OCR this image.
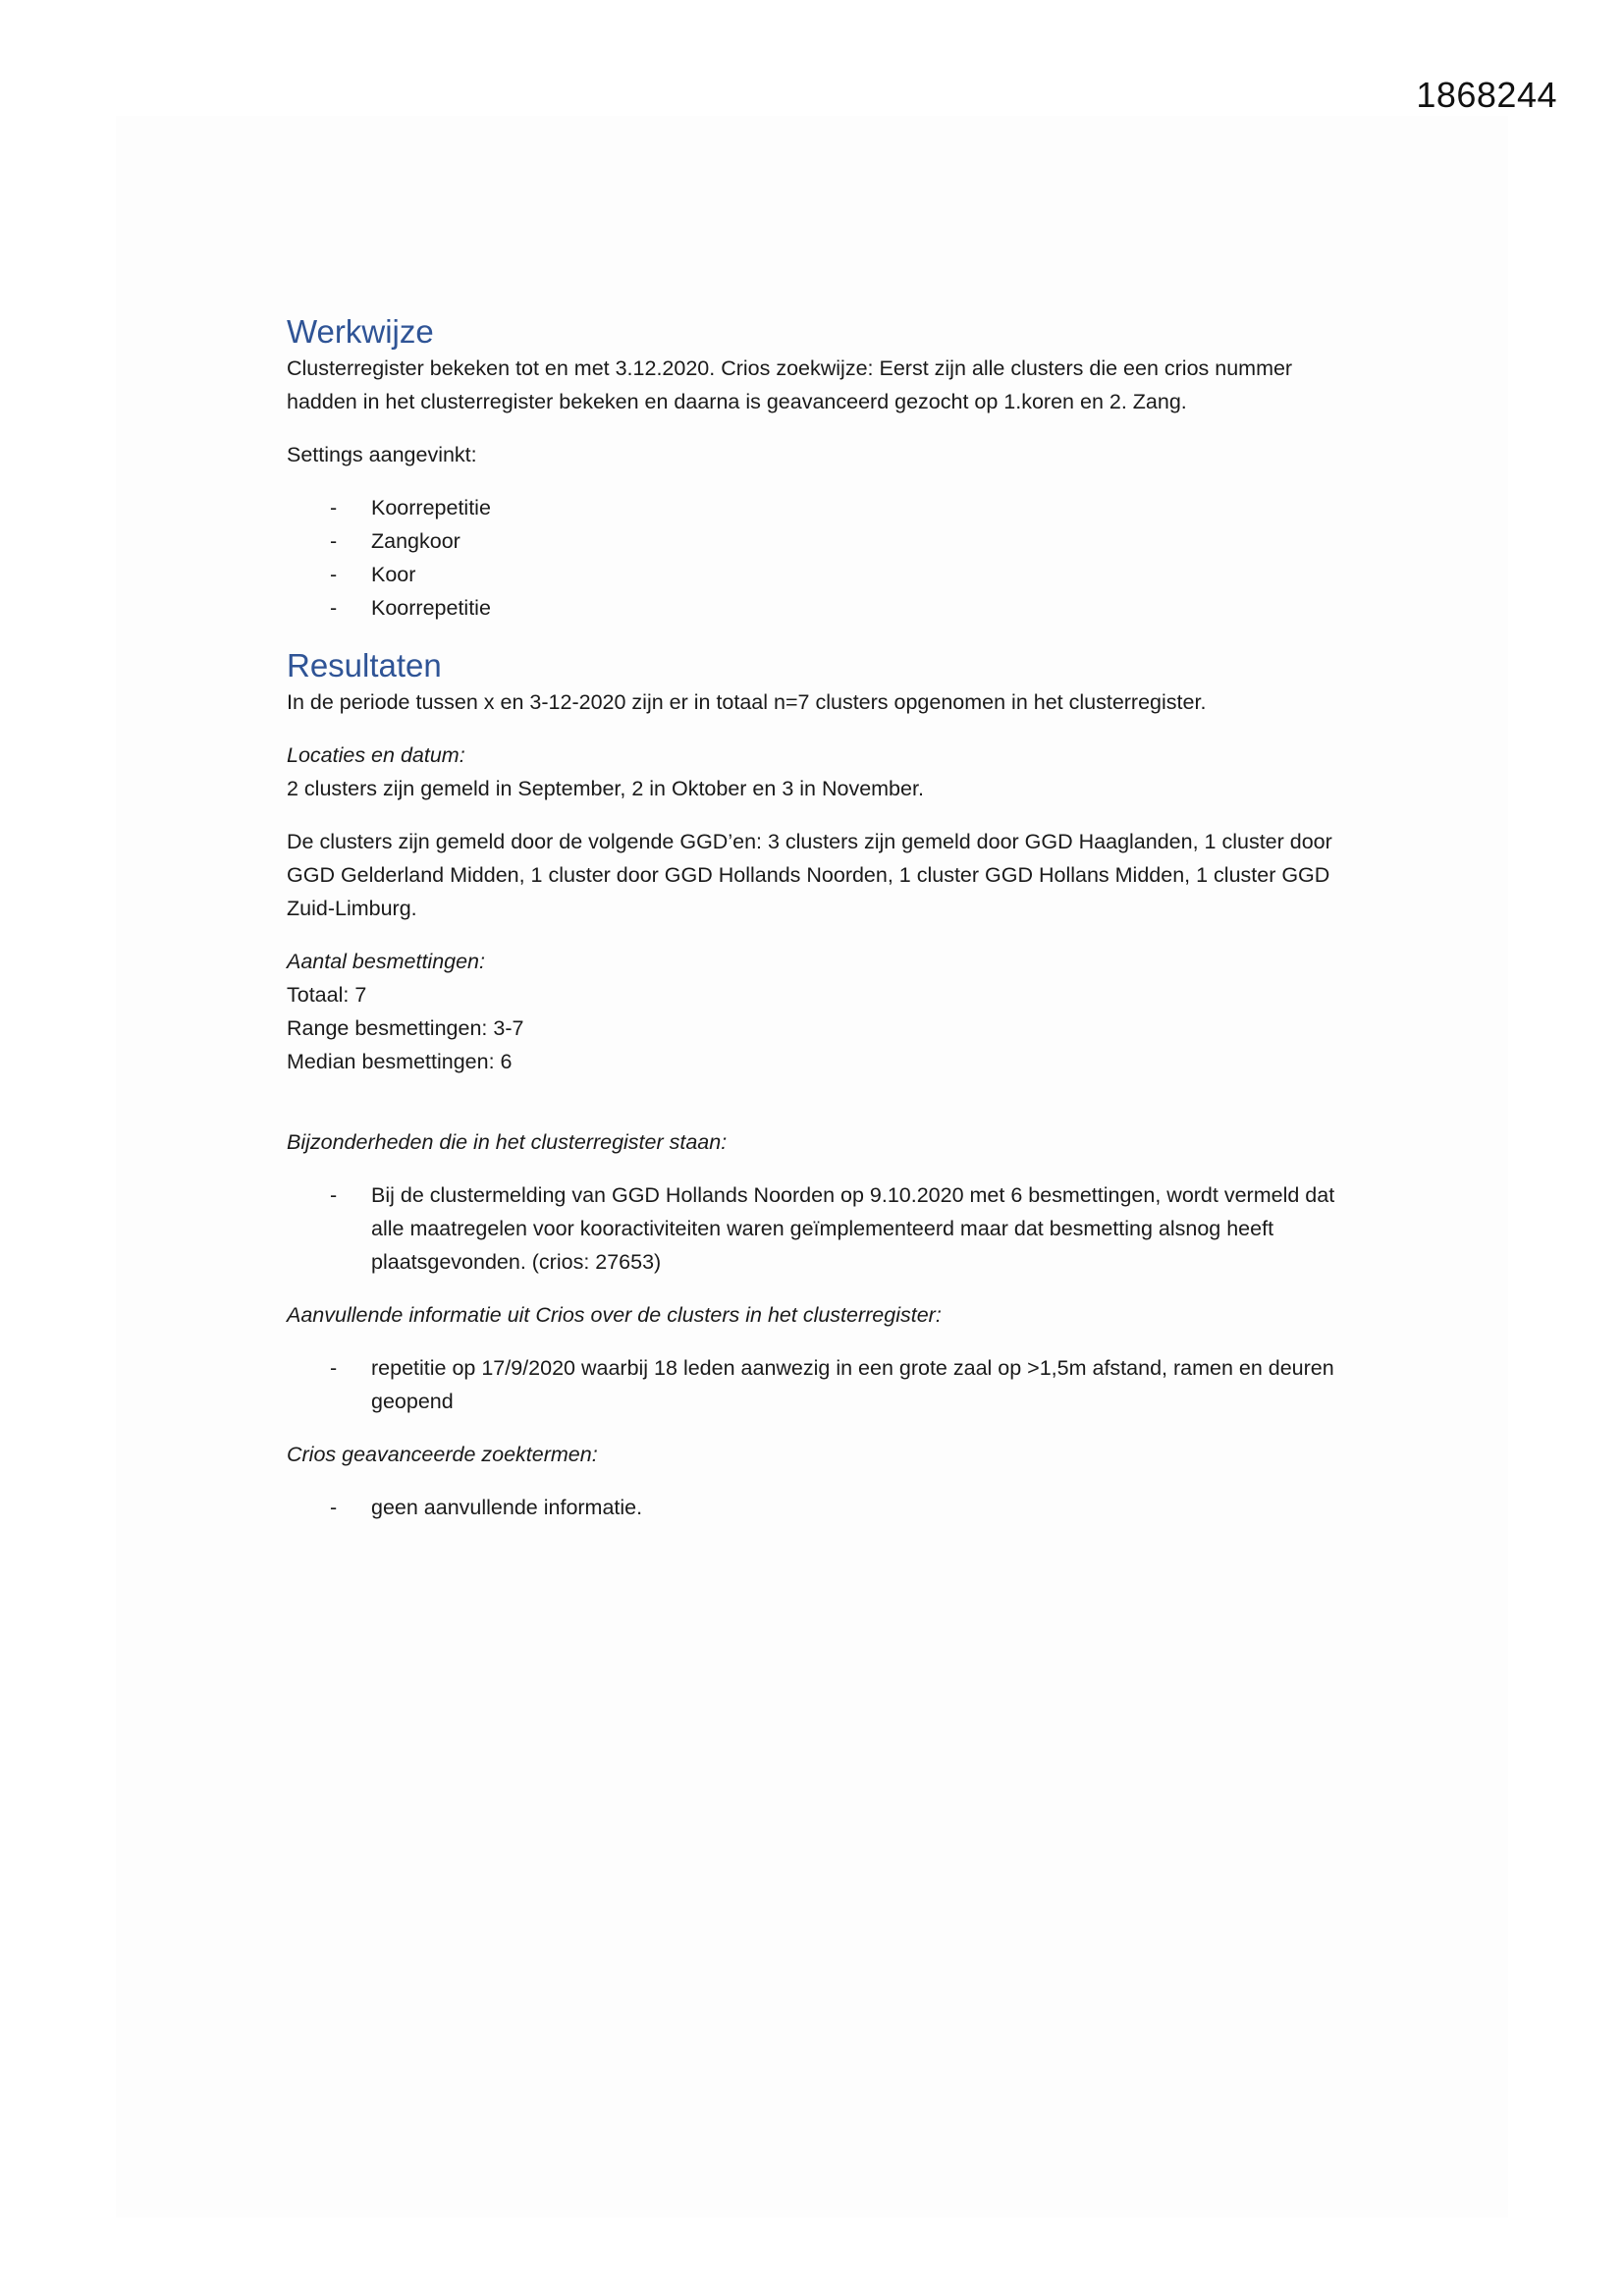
1868244
Werkwijze

Clusterregister bekeken tot en met 3.12.2020. Crios zoekwijze: Eerst zijn alle clusters die een crios nummer hadden in het clusterregister bekeken en daarna is geavanceerd gezocht op 1.koren en 2. Zang.

Settings aangevinkt:

- Koorrepetitie
- Zangkoor
- Koor
- Koorrepetitie
Resultaten

In de periode tussen x en 3-12-2020 zijn er in totaal n=7 clusters opgenomen in het clusterregister.

Locaties en datum:

2 clusters zijn gemeld in September, 2 in Oktober en 3 in November.

De clusters zijn gemeld door de volgende GGD’en: 3 clusters zijn gemeld door GGD Haaglanden, 1 cluster door GGD Gelderland Midden, 1 cluster door GGD Hollands Noorden, 1 cluster GGD Hollans Midden, 1 cluster GGD Zuid-Limburg.

Aantal besmettingen:

Totaal: 7

Range besmettingen: 3-7

Median besmettingen: 6

Bijzonderheden die in het clusterregister staan:

- Bij de clustermelding van GGD Hollands Noorden op 9.10.2020 met 6 besmettingen, wordt vermeld dat alle maatregelen voor kooractiviteiten waren geïmplementeerd maar dat besmetting alsnog heeft plaatsgevonden. (crios: 27653)

Aanvullende informatie uit Crios over de clusters in het clusterregister:

- repetitie op 17/9/2020 waarbij 18 leden aanwezig in een grote zaal op >1,5m afstand, ramen en deuren geopend

Crios geavanceerde zoektermen:

- geen aanvullende informatie.
